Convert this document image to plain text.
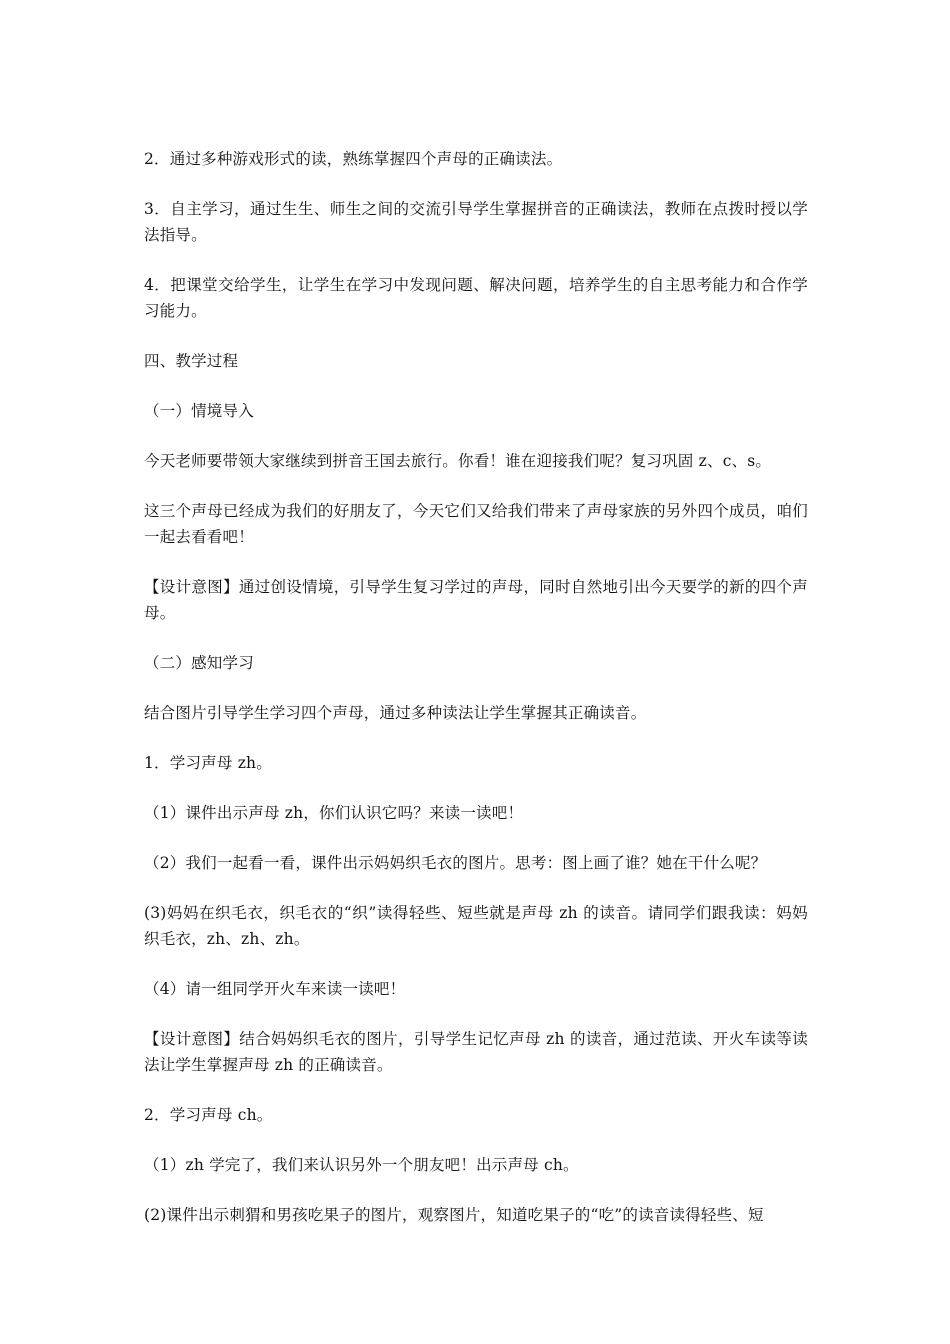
2．通过多种游戏形式的读，熟练掌握四个声母的正确读法。

3．自主学习，通过生生、师生之间的交流引导学生掌握拼音的正确读法，教师在点拨时授以学法指导。

4．把课堂交给学生，让学生在学习中发现问题、解决问题，培养学生的自主思考能力和合作学习能力。

四、教学过程

（一）情境导入

今天老师要带领大家继续到拼音王国去旅行。你看！谁在迎接我们呢？复习巩固 z、c、s。

这三个声母已经成为我们的好朋友了，今天它们又给我们带来了声母家族的另外四个成员，咱们一起去看看吧！

【设计意图】通过创设情境，引导学生复习学过的声母，同时自然地引出今天要学的新的四个声母。

（二）感知学习

结合图片引导学生学习四个声母，通过多种读法让学生掌握其正确读音。

1．学习声母 zh。

（1）课件出示声母 zh，你们认识它吗？来读一读吧！

（2）我们一起看一看，课件出示妈妈织毛衣的图片。思考：图上画了谁？她在干什么呢？

(3)妈妈在织毛衣，织毛衣的“织”读得轻些、短些就是声母 zh 的读音。请同学们跟我读：妈妈织毛衣，zh、zh、zh。

（4）请一组同学开火车来读一读吧！

【设计意图】结合妈妈织毛衣的图片，引导学生记忆声母 zh 的读音，通过范读、开火车读等读法让学生掌握声母 zh 的正确读音。

2．学习声母 ch。

（1）zh 学完了，我们来认识另外一个朋友吧！出示声母 ch。

(2)课件出示刺猬和男孩吃果子的图片，观察图片，知道吃果子的“吃”的读音读得轻些、短
